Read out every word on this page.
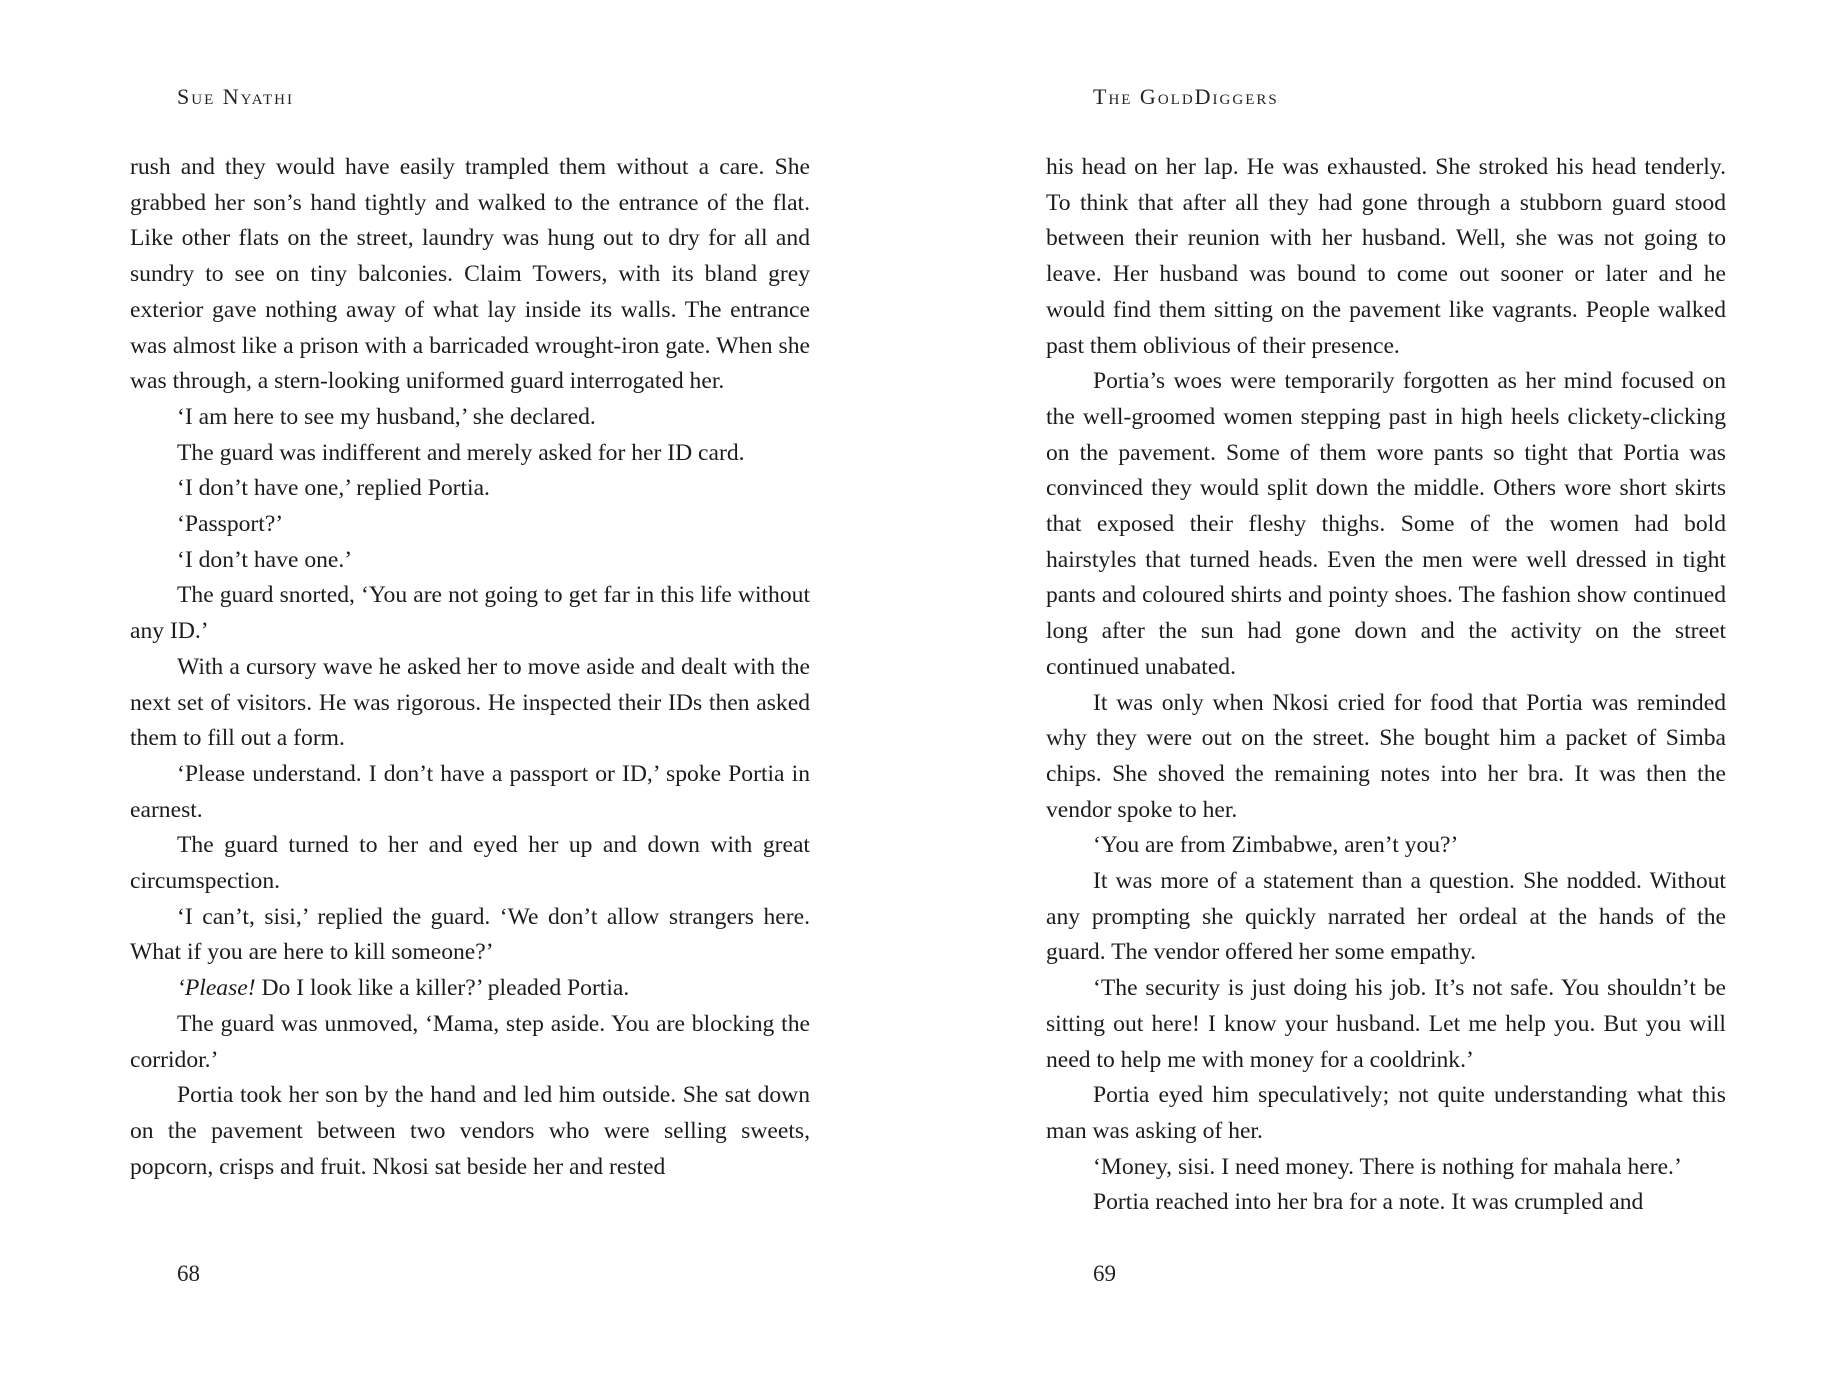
Sue Nyathi

rush and they would have easily trampled them without a care. She grabbed her son’s hand tightly and walked to the entrance of the flat. Like other flats on the street, laundry was hung out to dry for all and sundry to see on tiny balconies. Claim Towers, with its bland grey exterior gave nothing away of what lay inside its walls. The entrance was almost like a prison with a barricaded wrought-iron gate. When she was through, a stern-looking uniformed guard interrogated her.

‘I am here to see my husband,’ she declared.

The guard was indifferent and merely asked for her ID card.

‘I don’t have one,’ replied Portia.

‘Passport?’

‘I don’t have one.’

The guard snorted, ‘You are not going to get far in this life without any ID.’

With a cursory wave he asked her to move aside and dealt with the next set of visitors. He was rigorous. He inspected their IDs then asked them to fill out a form.

‘Please understand. I don’t have a passport or ID,’ spoke Portia in earnest.

The guard turned to her and eyed her up and down with great circumspection.

‘I can’t, sisi,’ replied the guard. ‘We don’t allow strangers here. What if you are here to kill someone?’

‘Please! Do I look like a killer?’ pleaded Portia.

The guard was unmoved, ‘Mama, step aside. You are blocking the corridor.’

Portia took her son by the hand and led him outside. She sat down on the pavement between two vendors who were selling sweets, popcorn, crisps and fruit. Nkosi sat beside her and rested

68
The GoldDiggers

his head on her lap. He was exhausted. She stroked his head tenderly. To think that after all they had gone through a stubborn guard stood between their reunion with her husband. Well, she was not going to leave. Her husband was bound to come out sooner or later and he would find them sitting on the pavement like vagrants. People walked past them oblivious of their presence.

Portia’s woes were temporarily forgotten as her mind focused on the well-groomed women stepping past in high heels clickety-clicking on the pavement. Some of them wore pants so tight that Portia was convinced they would split down the middle. Others wore short skirts that exposed their fleshy thighs. Some of the women had bold hairstyles that turned heads. Even the men were well dressed in tight pants and coloured shirts and pointy shoes. The fashion show continued long after the sun had gone down and the activity on the street continued unabated.

It was only when Nkosi cried for food that Portia was reminded why they were out on the street. She bought him a packet of Simba chips. She shoved the remaining notes into her bra. It was then the vendor spoke to her.

‘You are from Zimbabwe, aren’t you?’

It was more of a statement than a question. She nodded. Without any prompting she quickly narrated her ordeal at the hands of the guard. The vendor offered her some empathy.

‘The security is just doing his job. It’s not safe. You shouldn’t be sitting out here! I know your husband. Let me help you. But you will need to help me with money for a cooldrink.’

Portia eyed him speculatively; not quite understanding what this man was asking of her.

‘Money, sisi. I need money. There is nothing for mahala here.’

Portia reached into her bra for a note. It was crumpled and

69
